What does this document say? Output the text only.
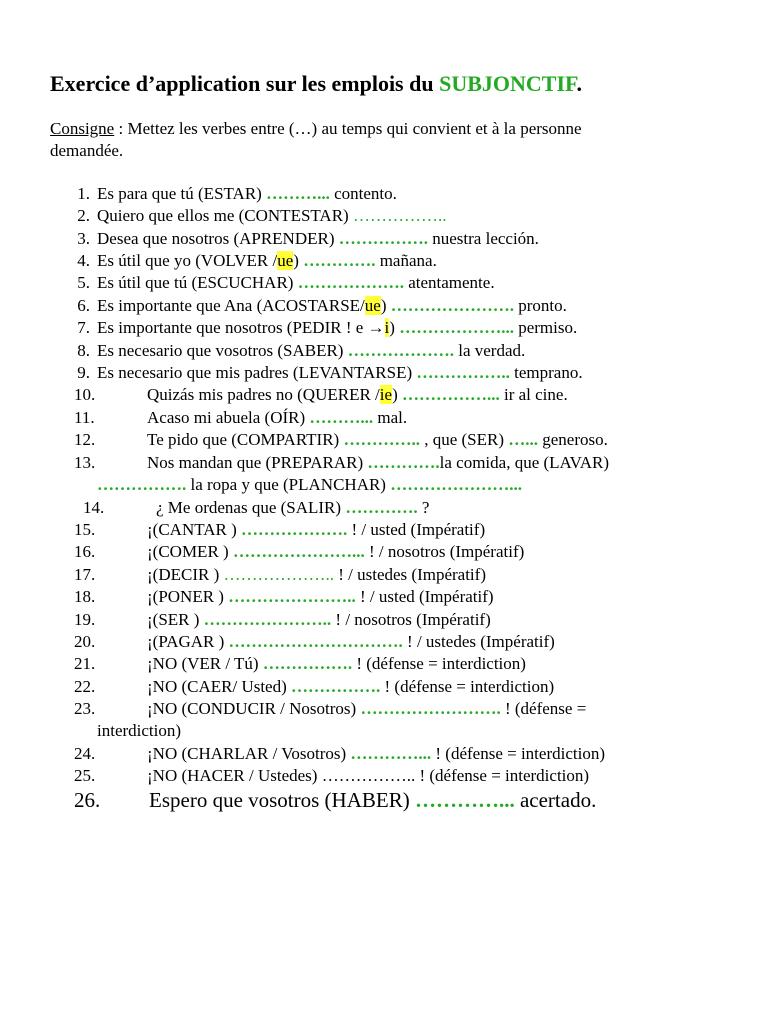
Exercice d’application sur les emplois du SUBJONCTIF.
Consigne : Mettez les verbes entre (…) au temps qui convient et à la personne
demandée.
1. Es para que tú (ESTAR) ………... contento.
2. Quiero que ellos me (CONTESTAR) ……………..
3. Desea que nosotros (APRENDER) ……………. nuestra lección.
4. Es útil que yo (VOLVER /ue) …………. mañana.
5. Es útil que tú (ESCUCHAR) ………………. atentamente.
6. Es importante que Ana (ACOSTARSE/ue) …………………. pronto.
7. Es importante que nosotros (PEDIR ! e →i) ………………... permiso.
8. Es necesario que vosotros (SABER) ………………. la verdad.
9. Es necesario que mis padres (LEVANTARSE) …………….. temprano.
10.	Quizás mis padres no (QUERER /ie) ……………... ir al cine.
11.	Acaso mi abuela (OÍR) ………... mal.
12.	Te pido que (COMPARTIR) ………….. , que (SER) …... generoso.
13.	Nos mandan que (PREPARAR) ………….la comida, que (LAVAR)
……………. la ropa y que (PLANCHAR) …………………...
14.	¿ Me ordenas que (SALIR) …………. ?
15.	¡(CANTAR ) ………………. ! / usted (Impératif)
16.	¡(COMER ) …………………... ! / nosotros (Impératif)
17.	¡(DECIR ) ……………….. ! / ustedes (Impératif)
18.	¡(PONER ) ………………….. ! / usted (Impératif)
19.	¡(SER ) ………………….. ! / nosotros (Impératif)
20.	¡(PAGAR ) …………………………. ! / ustedes (Impératif)
21.	¡NO (VER / Tú) ……………. ! (défense = interdiction)
22.	¡NO (CAER/ Usted) ……………. ! (défense = interdiction)
23.	¡NO (CONDUCIR / Nosotros) ……………………. ! (défense =
interdiction)
24.	¡NO (CHARLAR / Vosotros) …………... ! (défense = interdiction)
25.	¡NO (HACER / Ustedes) …………….. ! (défense = interdiction)
26.	Espero que vosotros (HABER) …………... acertado.
